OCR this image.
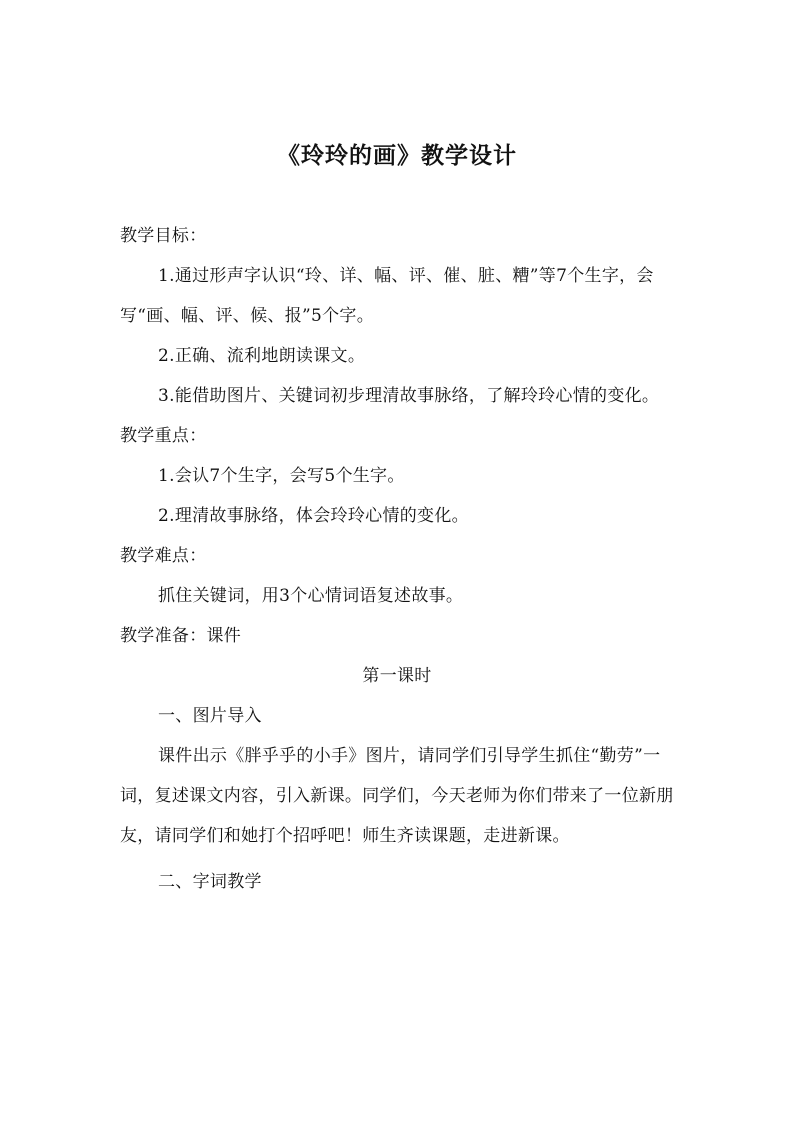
《玲玲的画》教学设计

教学目标：

1.通过形声字认识“玲、详、幅、评、催、脏、糟”等7个生字，会写“画、幅、评、候、报”5个字。

2.正确、流利地朗读课文。

3.能借助图片、关键词初步理清故事脉络，了解玲玲心情的变化。

教学重点：

1.会认7个生字，会写5个生字。

2.理清故事脉络，体会玲玲心情的变化。

教学难点：

抓住关键词，用3个心情词语复述故事。

教学准备：课件

第一课时

一、图片导入

课件出示《胖乎乎的小手》图片，请同学们引导学生抓住“勤劳”一词，复述课文内容，引入新课。同学们，今天老师为你们带来了一位新朋友，请同学们和她打个招呼吧！师生齐读课题，走进新课。

二、字词教学
